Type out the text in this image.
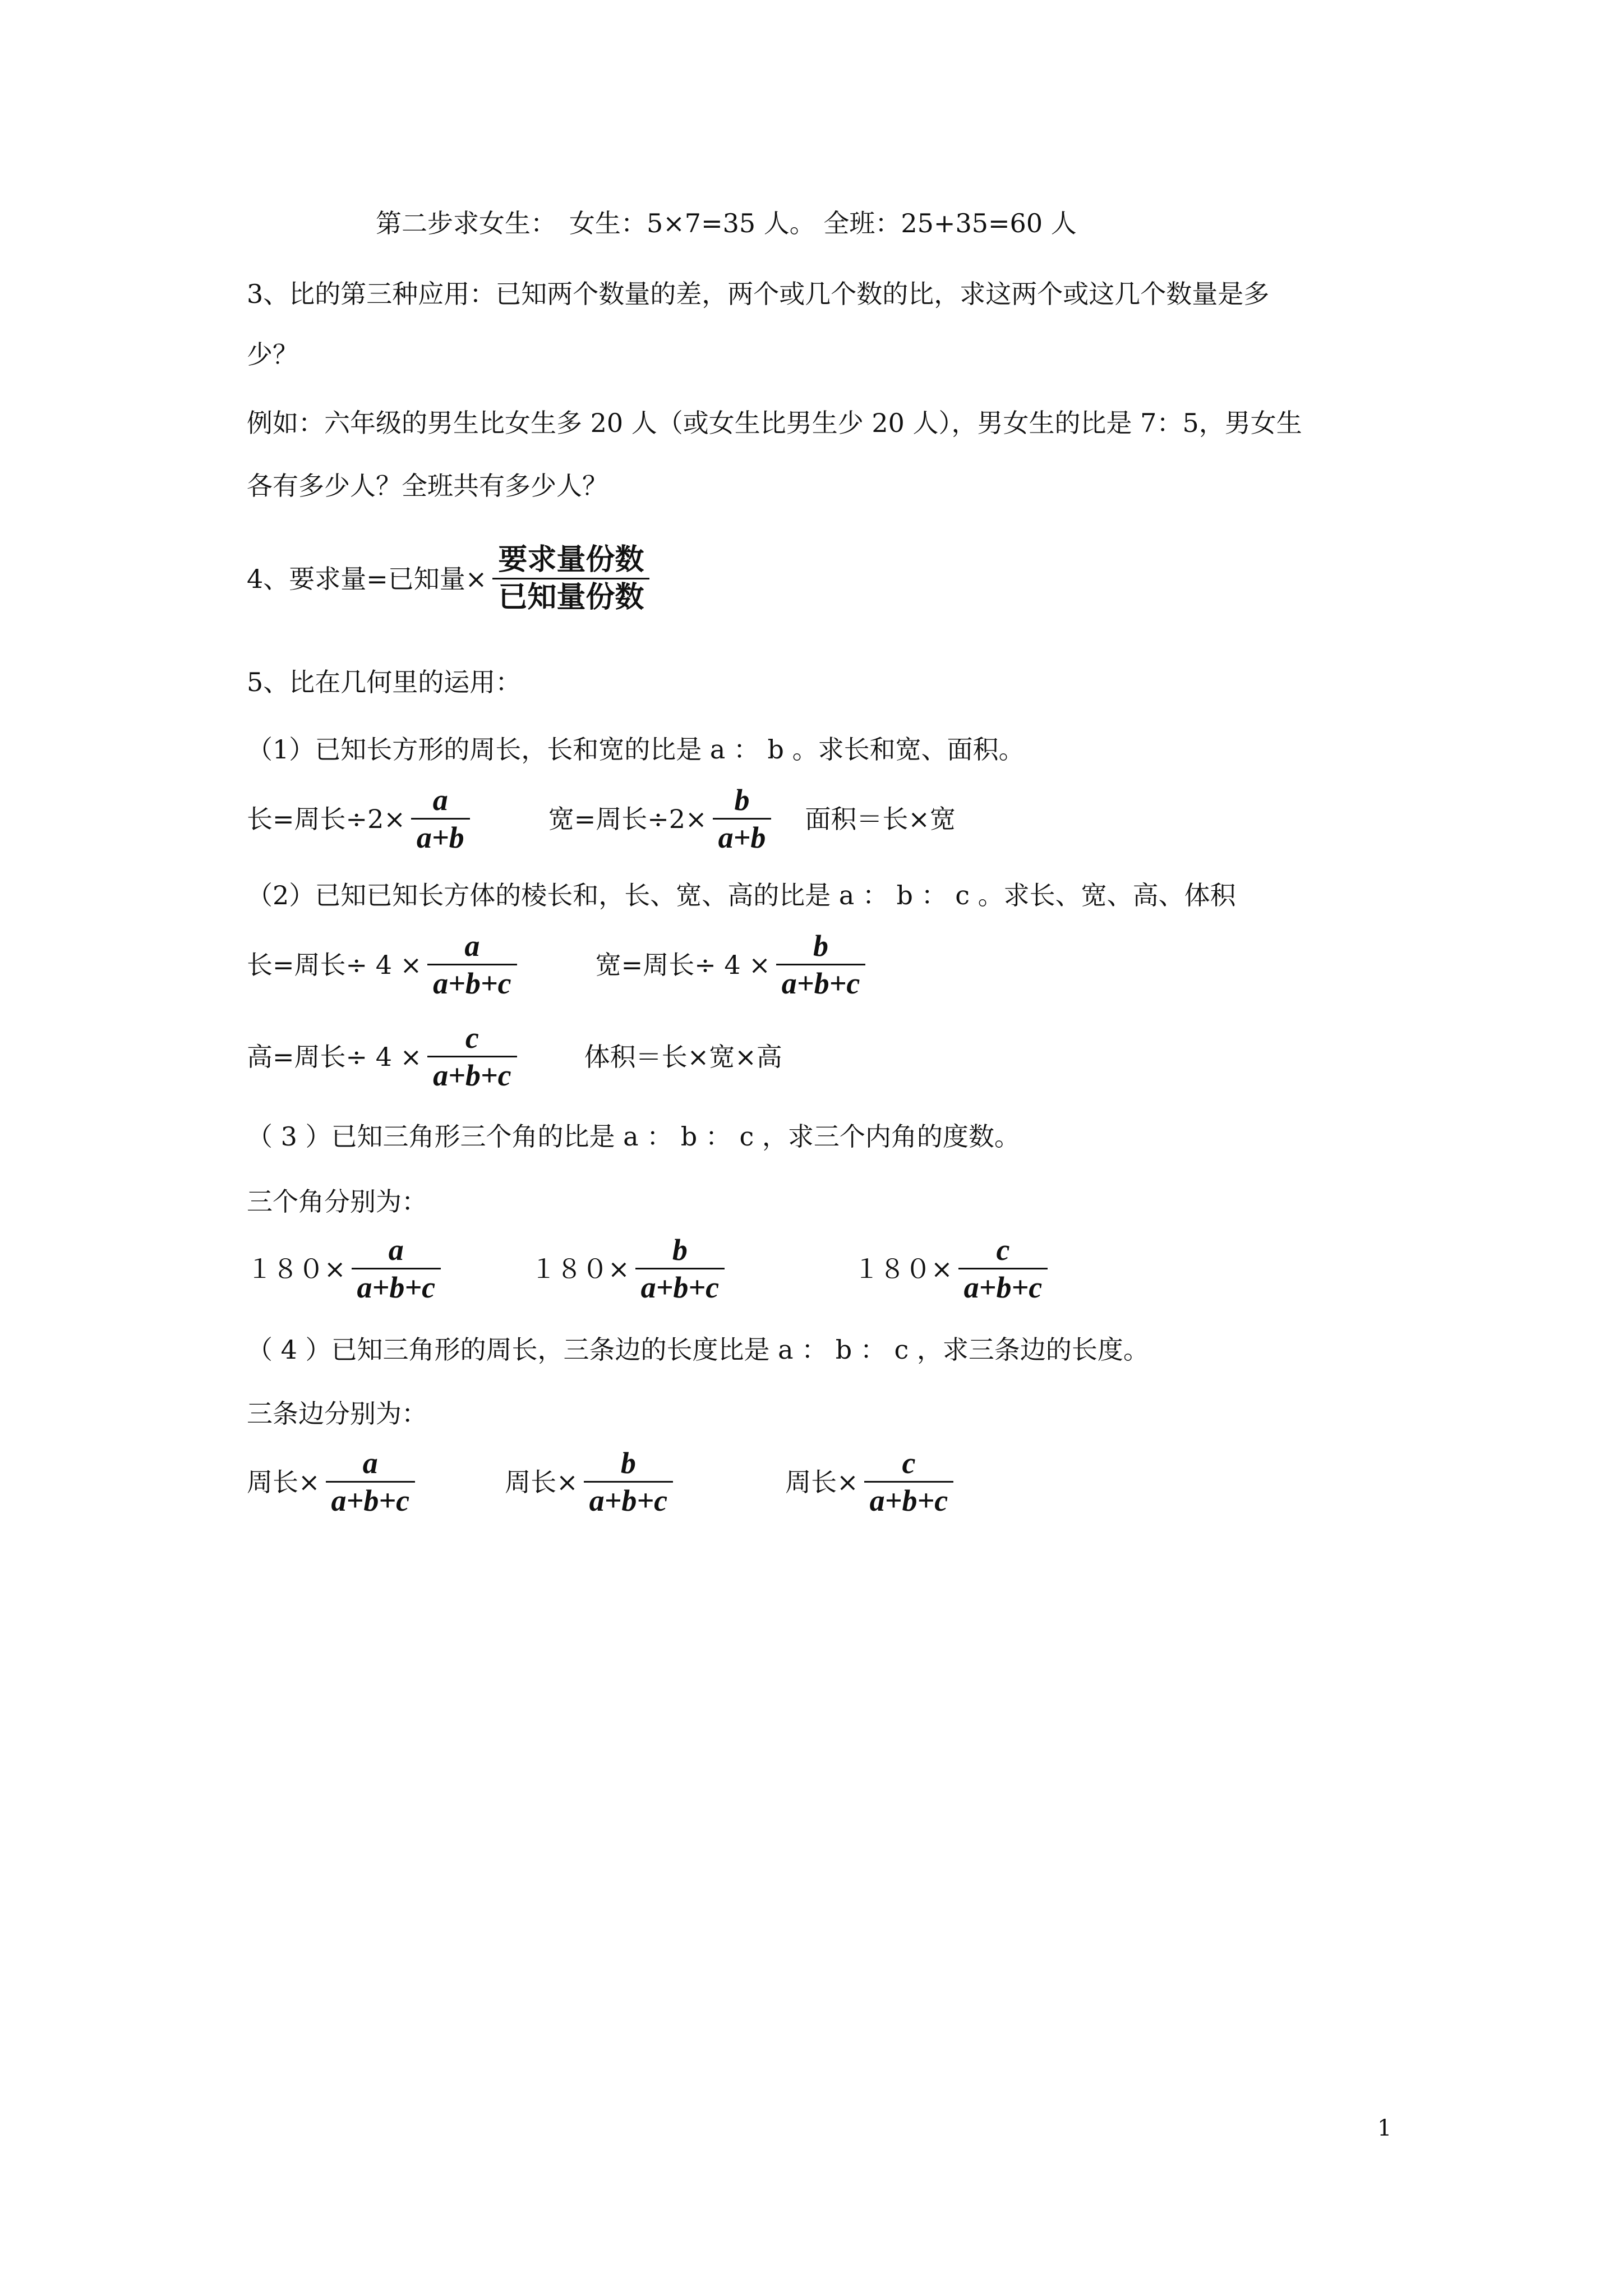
第二步求女生：　女生：5×7=35 人。 全班：25+35=60 人
3、比的第三种应用：已知两个数量的差，两个或几个数的比，求这两个或这几个数量是多
少？
例如：六年级的男生比女生多 20 人（或女生比男生少 20 人），男女生的比是 7：5，男女生
各有多少人？全班共有多少人？
4、要求量=已知量× $\frac{\text{要求量份数}}{\text{已知量份数}}$
5、比在几何里的运用：
（1）已知长方形的周长，长和宽的比是 a ： b 。求长和宽、面积。
长=周长$\div 2\times \frac{a}{a+b}$	宽=周长$\div 2\times \frac{b}{a+b}$ 面积＝长×宽
（2）已知已知长方体的棱长和，长、宽、高的比是 a ： b ： c 。求长、宽、高、体积
长=周长÷ $4 \times \frac{a}{a+b+c}$	宽=周长÷ $4 \times \frac{b}{a+b+c}$
高=周长÷ $4 \times \frac{c}{a+b+c}$	体积＝长×宽×高
（ 3 ）已知三角形三个角的比是 a ： b ： c ，求三个内角的度数。
三个角分别为：
$180\times \frac{a}{a+b+c}$	$180\times \frac{b}{a+b+c}$	$180\times \frac{c}{a+b+c}$
（ 4 ）已知三角形的周长，三条边的长度比是 a ： b ： c ，求三条边的长度。
三条边分别为：
周长× $\frac{a}{a+b+c}$	周长× $\frac{b}{a+b+c}$	周长× $\frac{c}{a+b+c}$
1
